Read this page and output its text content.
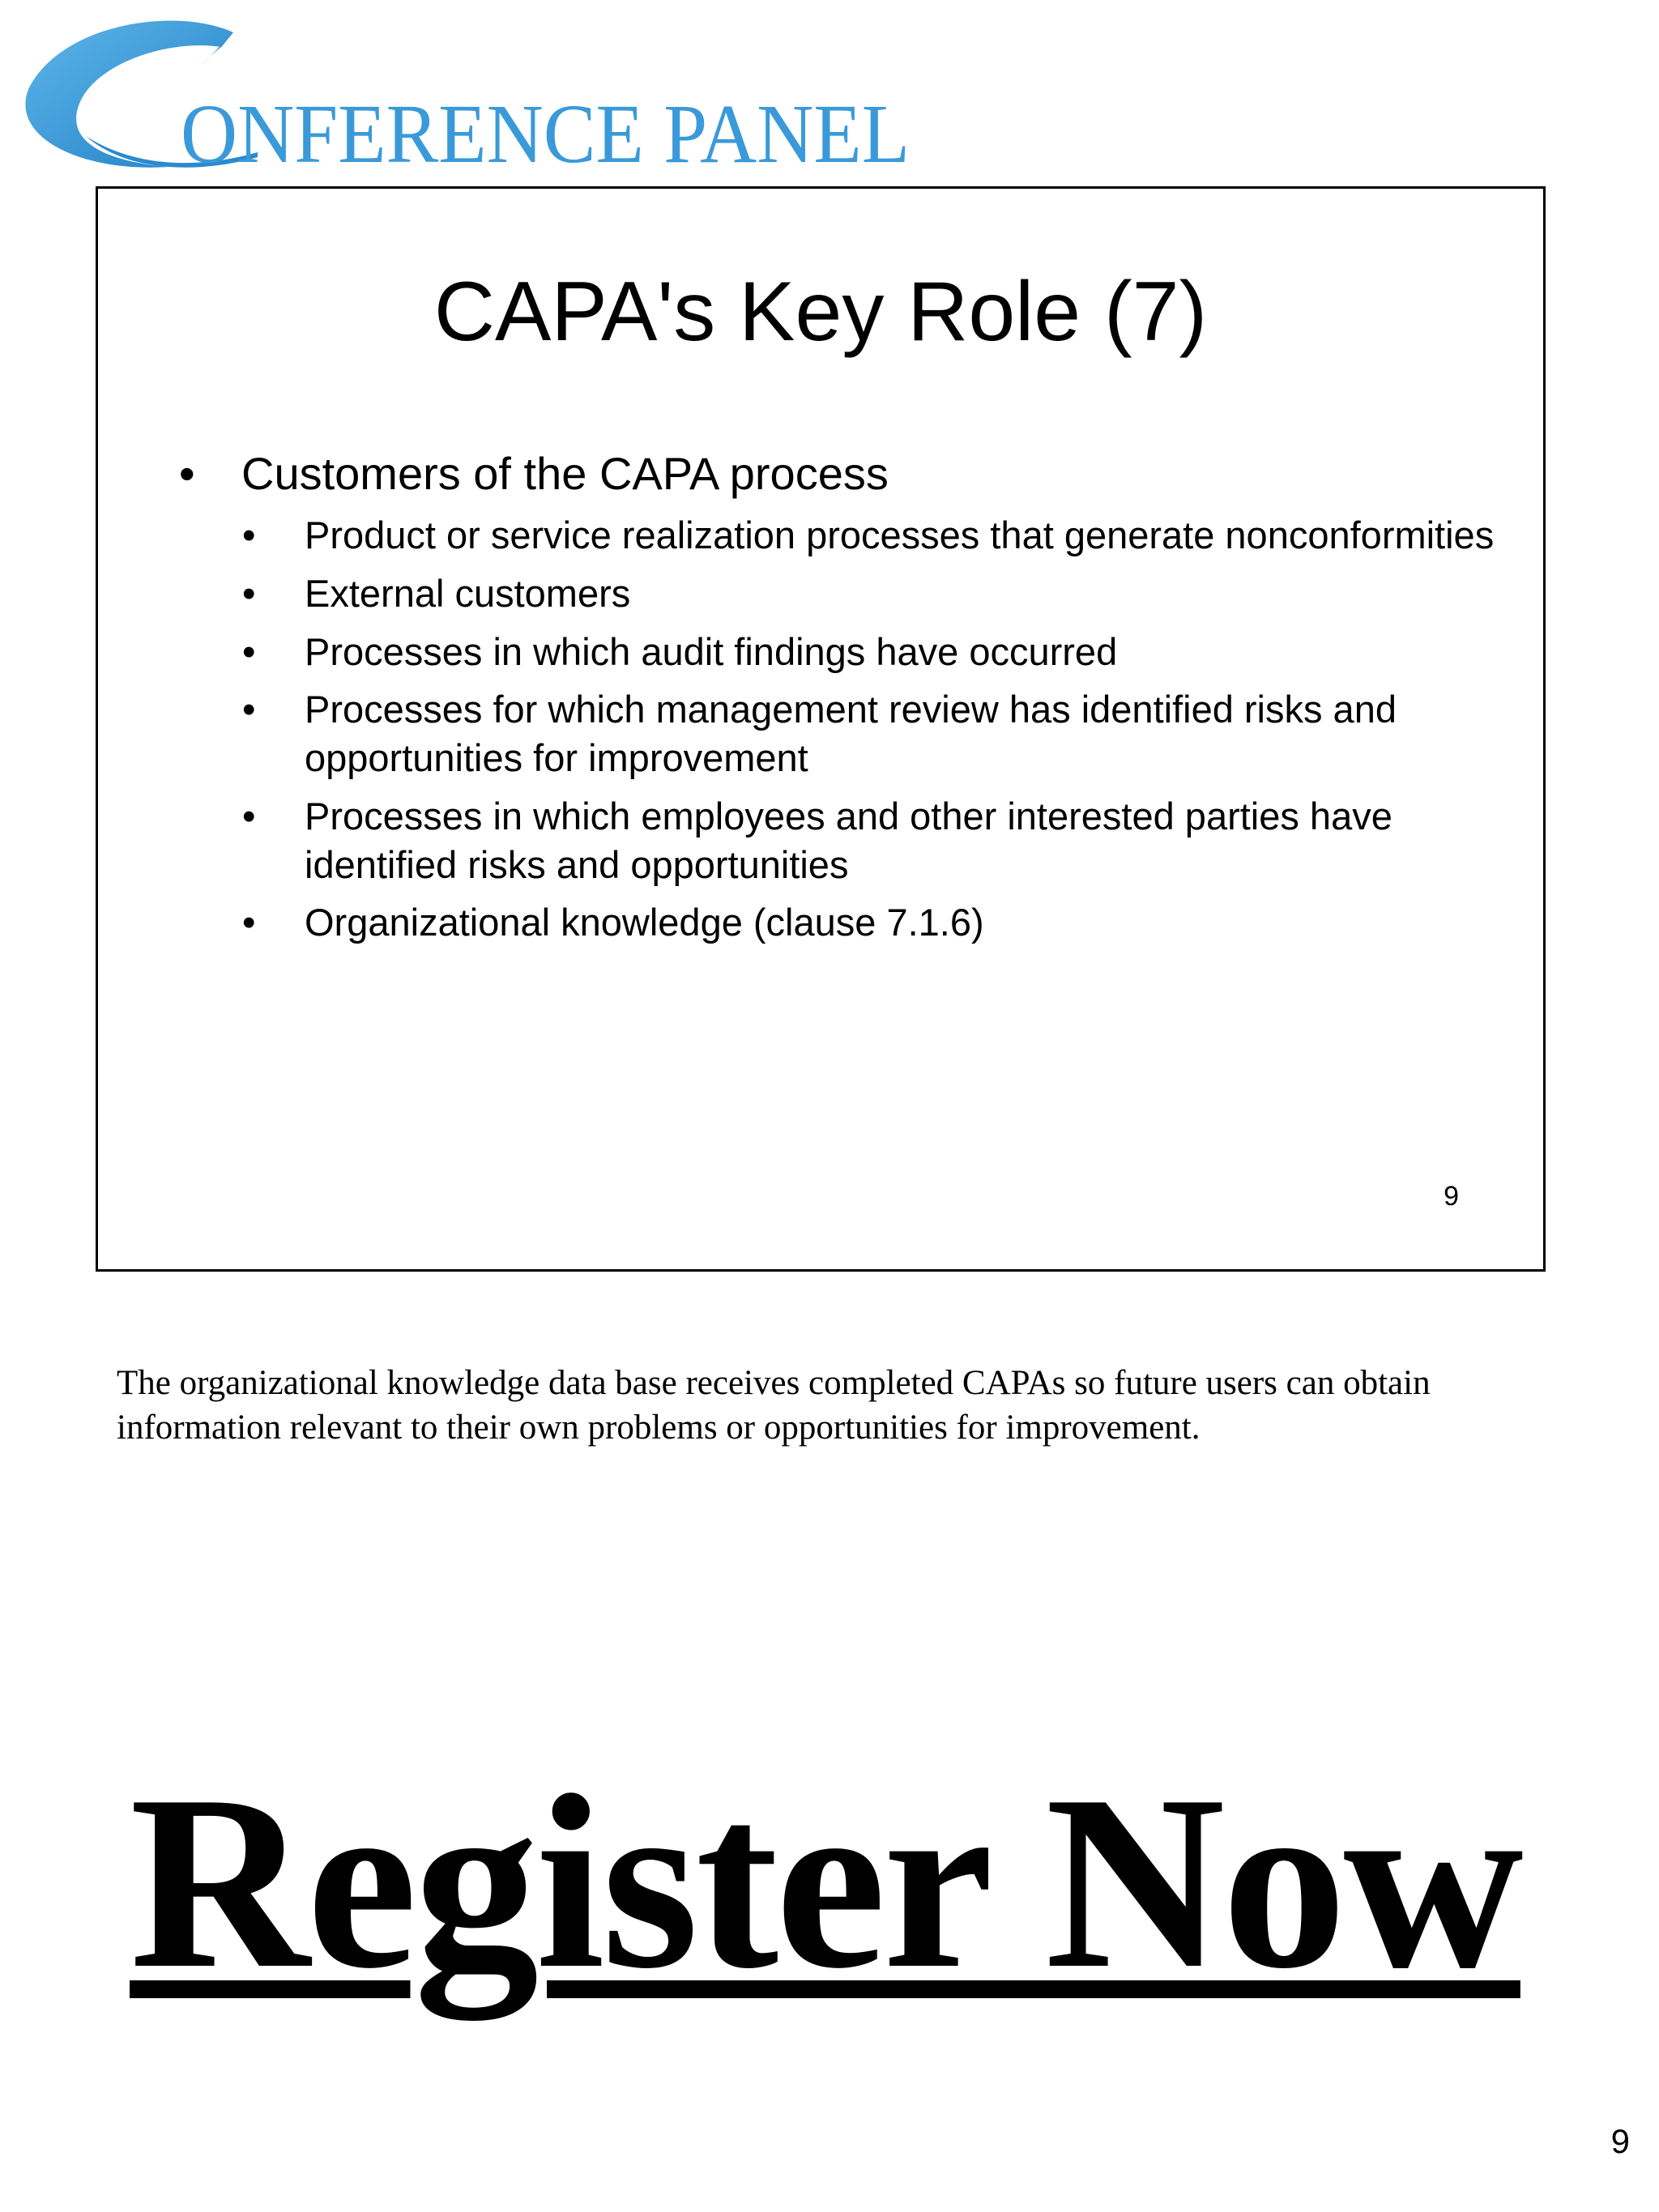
ONFERENCE PANEL
CAPA's Key Role (7)
• Customers of the CAPA process
• Product or service realization processes that generate nonconformities
• External customers
• Processes in which audit findings have occurred
• Processes for which management review has identified risks and opportunities for improvement
• Processes in which employees and other interested parties have identified risks and opportunities
• Organizational knowledge (clause 7.1.6)
9

The organizational knowledge data base receives completed CAPAs so future users can obtain information relevant to their own problems or opportunities for improvement.

Register Now
9
